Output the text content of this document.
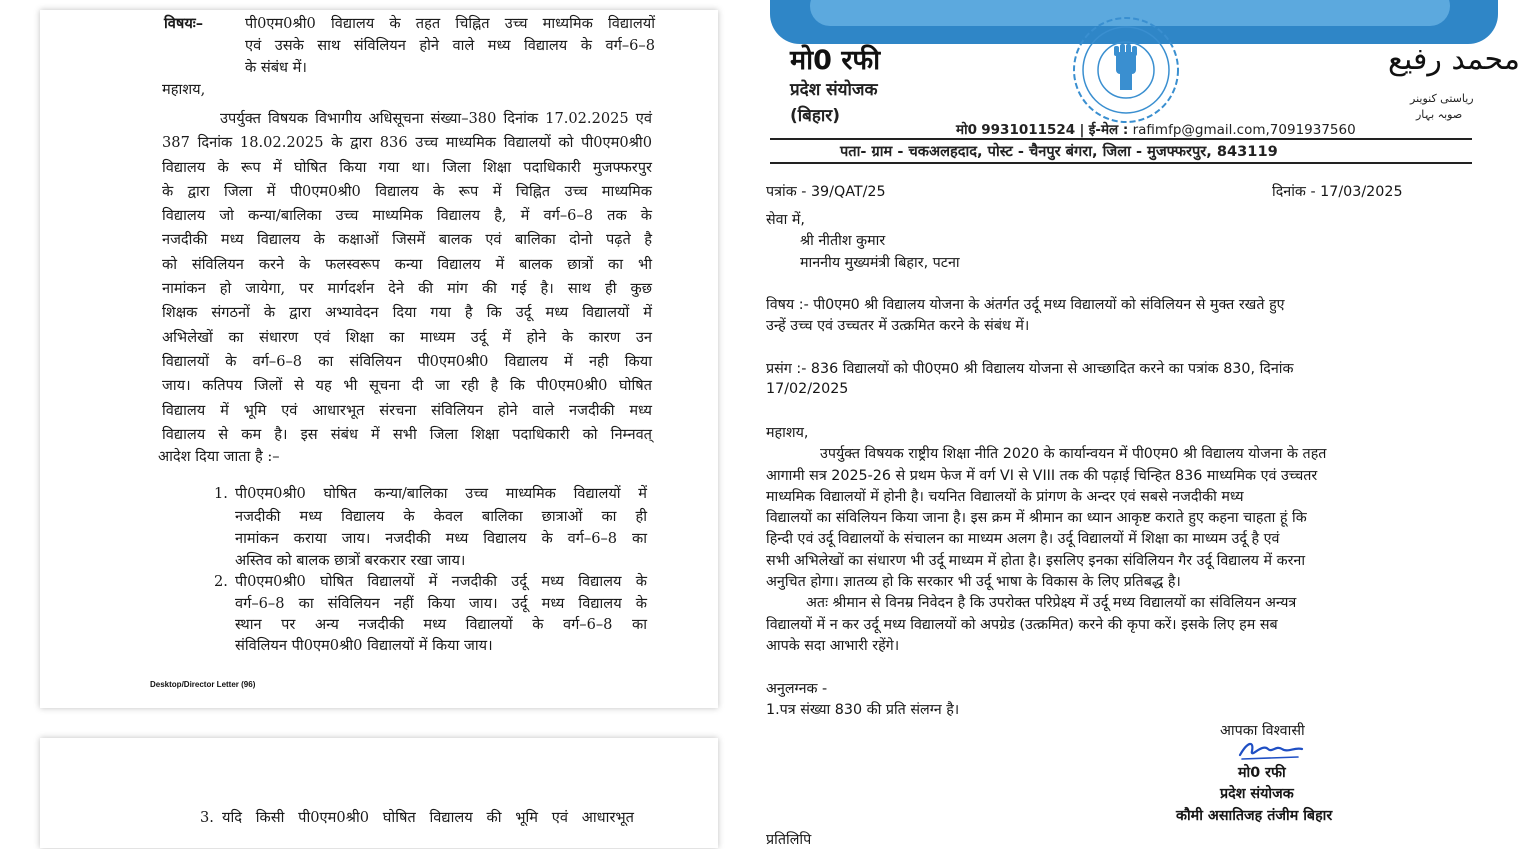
विषयः–	पी0एम0श्री0 विद्यालय के तहत चिह्नित उच्च माध्यमिक विद्यालयों
एवं उसके साथ संविलियन होने वाले मध्य विद्यालय के वर्ग–6–8
के संबंध में।
महाशय,
उपर्युक्त विषयक विभागीय अधिसूचना संख्या–380 दिनांक 17.02.2025 एवं
387 दिनांक 18.02.2025 के द्वारा 836 उच्च माध्यमिक विद्यालयों को पी0एम0श्री0
विद्यालय के रूप में घोषित किया गया था। जिला शिक्षा पदाधिकारी मुजफ्फरपुर
के द्वारा जिला में पी0एम0श्री0 विद्यालय के रूप में चिह्नित उच्च माध्यमिक
विद्यालय जो कन्या/बालिका उच्च माध्यमिक विद्यालय है, में वर्ग–6–8 तक के
नजदीकी मध्य विद्यालय के कक्षाओं जिसमें बालक एवं बालिका दोनो पढ़ते है
को संविलियन करने के फलस्वरूप कन्या विद्यालय में बालक छात्रों का भी
नामांकन हो जायेगा, पर मार्गदर्शन देने की मांग की गई है। साथ ही कुछ
शिक्षक संगठनों के द्वारा अभ्यावेदन दिया गया है कि उर्दू मध्य विद्यालयों में
अभिलेखों का संधारण एवं शिक्षा का माध्यम उर्दू में होने के कारण उन
विद्यालयों के वर्ग–6–8 का संविलियन पी0एम0श्री0 विद्यालय में नही किया
जाय। कतिपय जिलों से यह भी सूचना दी जा रही है कि पी0एम0श्री0 घोषित
विद्यालय में भूमि एवं आधारभूत संरचना संविलियन होने वाले नजदीकी मध्य
विद्यालय से कम है। इस संबंध में सभी जिला शिक्षा पदाधिकारी को निम्नवत्
आदेश दिया जाता है :–
1. पी0एम0श्री0 घोषित कन्या/बालिका उच्च माध्यमिक विद्यालयों में
नजदीकी मध्य विद्यालय के केवल बालिका छात्राओं का ही
नामांकन कराया जाय। नजदीकी मध्य विद्यालय के वर्ग–6–8 का
अस्तिव को बालक छात्रों बरकरार रखा जाय।
2. पी0एम0श्री0 घोषित विद्यालयों में नजदीकी उर्दू मध्य विद्यालय के
वर्ग–6–8 का संविलियन नहीं किया जाय। उर्दू मध्य विद्यालय के
स्थान पर अन्य नजदीकी मध्य विद्यालयों के वर्ग–6–8 का
संविलियन पी0एम0श्री0 विद्यालयों में किया जाय।
Desktop/Director Letter (96)
3. यदि किसी पी0एम0श्री0 घोषित विद्यालय की भूमि एवं आधारभूत
मो0 रफी
प्रदेश संयोजक
(बिहार)
محمد رفیع
ریاستی کنوینر
صوبہ بہار
मो0 9931011524 | ई-मेल : rafimfp@gmail.com,7091937560
पता- ग्राम - चकअलहदाद, पोस्ट - चैनपुर बंगरा, जिला - मुजफ्फरपुर, 843119
पत्रांक - 39/QAT/25	दिनांक - 17/03/2025
सेवा में,
श्री नीतीश कुमार
माननीय मुख्यमंत्री बिहार, पटना
विषय :- पी0एम0 श्री विद्यालय योजना के अंतर्गत उर्दू मध्य विद्यालयों को संविलियन से मुक्त रखते हुए
उन्हें उच्च एवं उच्चतर में उत्क्रमित करने के संबंध में।
प्रसंग :- 836 विद्यालयों को पी0एम0 श्री विद्यालय योजना से आच्छादित करने का पत्रांक 830, दिनांक
17/02/2025
महाशय,
उपर्युक्त विषयक राष्ट्रीय शिक्षा नीति 2020 के कार्यान्वयन में पी0एम0 श्री विद्यालय योजना के तहत
आगामी सत्र 2025-26 से प्रथम फेज में वर्ग VI से VIII तक की पढ़ाई चिन्हित 836 माध्यमिक एवं उच्चतर
माध्यमिक विद्यालयों में होनी है। चयनित विद्यालयों के प्रांगण के अन्दर एवं सबसे नजदीकी मध्य
विद्यालयों का संविलियन किया जाना है। इस क्रम में श्रीमान का ध्यान आकृष्ट कराते हुए कहना चाहता हूं कि
हिन्दी एवं उर्दू विद्यालयों के संचालन का माध्यम अलग है। उर्दू विद्यालयों में शिक्षा का माध्यम उर्दू है एवं
सभी अभिलेखों का संधारण भी उर्दू माध्यम में होता है। इसलिए इनका संविलियन गैर उर्दू विद्यालय में करना
अनुचित होगा। ज्ञातव्य हो कि सरकार भी उर्दू भाषा के विकास के लिए प्रतिबद्ध है।
अतः श्रीमान से विनम्र निवेदन है कि उपरोक्त परिप्रेक्ष्य में उर्दू मध्य विद्यालयों का संविलियन अन्यत्र
विद्यालयों में न कर उर्दू मध्य विद्यालयों को अपग्रेड (उत्क्रमित) करने की कृपा करें। इसके लिए हम सब
आपके सदा आभारी रहेंगे।
अनुलग्नक -
1.पत्र संख्या 830 की प्रति संलग्न है।
आपका विश्वासी
मो0 रफी
प्रदेश संयोजक
कौमी असातिजह तंजीम बिहार
प्रतिलिपि
